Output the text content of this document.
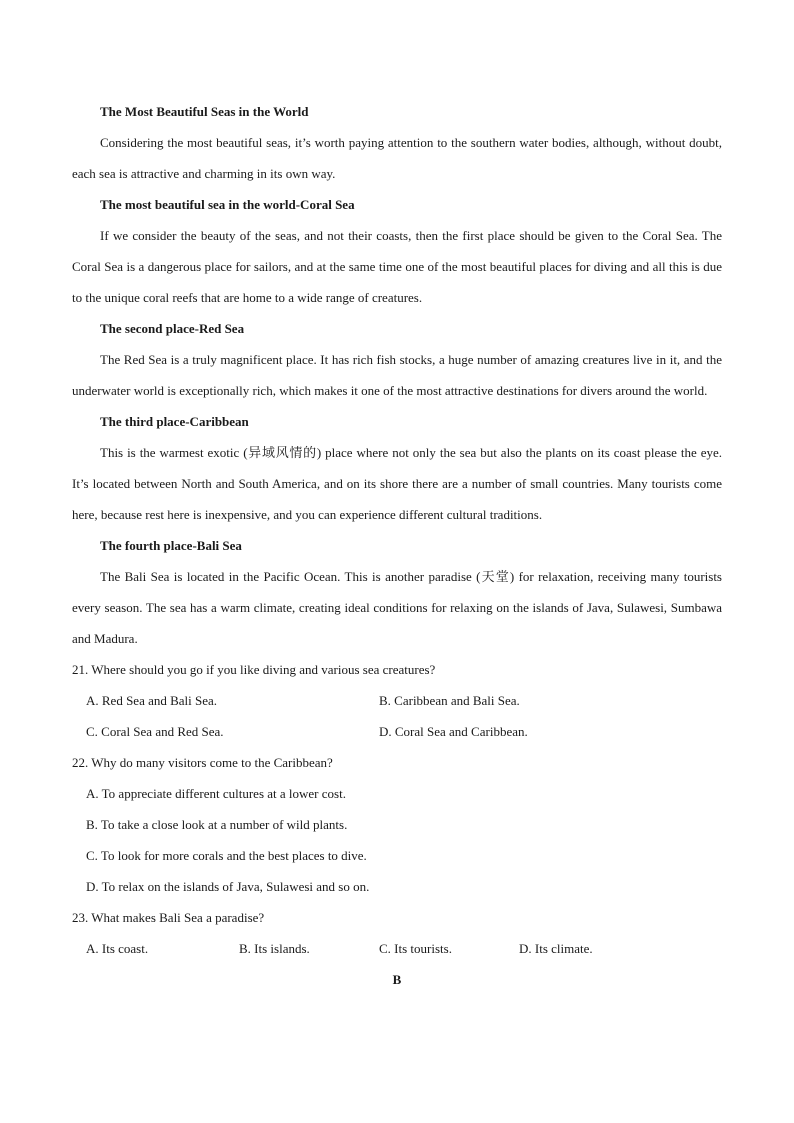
The Most Beautiful Seas in the World

Considering the most beautiful seas, it’s worth paying attention to the southern water bodies, although, without doubt, each sea is attractive and charming in its own way.

The most beautiful sea in the world-Coral Sea

If we consider the beauty of the seas, and not their coasts, then the first place should be given to the Coral Sea. The Coral Sea is a dangerous place for sailors, and at the same time one of the most beautiful places for diving and all this is due to the unique coral reefs that are home to a wide range of creatures.

The second place-Red Sea

The Red Sea is a truly magnificent place. It has rich fish stocks, a huge number of amazing creatures live in it, and the underwater world is exceptionally rich, which makes it one of the most attractive destinations for divers around the world.

The third place-Caribbean

This is the warmest exotic (异域风情的) place where not only the sea but also the plants on its coast please the eye. It’s located between North and South America, and on its shore there are a number of small countries. Many tourists come here, because rest here is inexpensive, and you can experience different cultural traditions.

The fourth place-Bali Sea

The Bali Sea is located in the Pacific Ocean. This is another paradise (天堂) for relaxation, receiving many tourists every season. The sea has a warm climate, creating ideal conditions for relaxing on the islands of Java, Sulawesi, Sumbawa and Madura.

21. Where should you go if you like diving and various sea creatures?

A. Red Sea and Bali Sea.	B. Caribbean and Bali Sea.
C. Coral Sea and Red Sea.	D. Coral Sea and Caribbean.

22. Why do many visitors come to the Caribbean?

A. To appreciate different cultures at a lower cost.
B. To take a close look at a number of wild plants.
C. To look for more corals and the best places to dive.
D. To relax on the islands of Java, Sulawesi and so on.

23. What makes Bali Sea a paradise?

A. Its coast.	B. Its islands.	C. Its tourists.	D. Its climate.
B
